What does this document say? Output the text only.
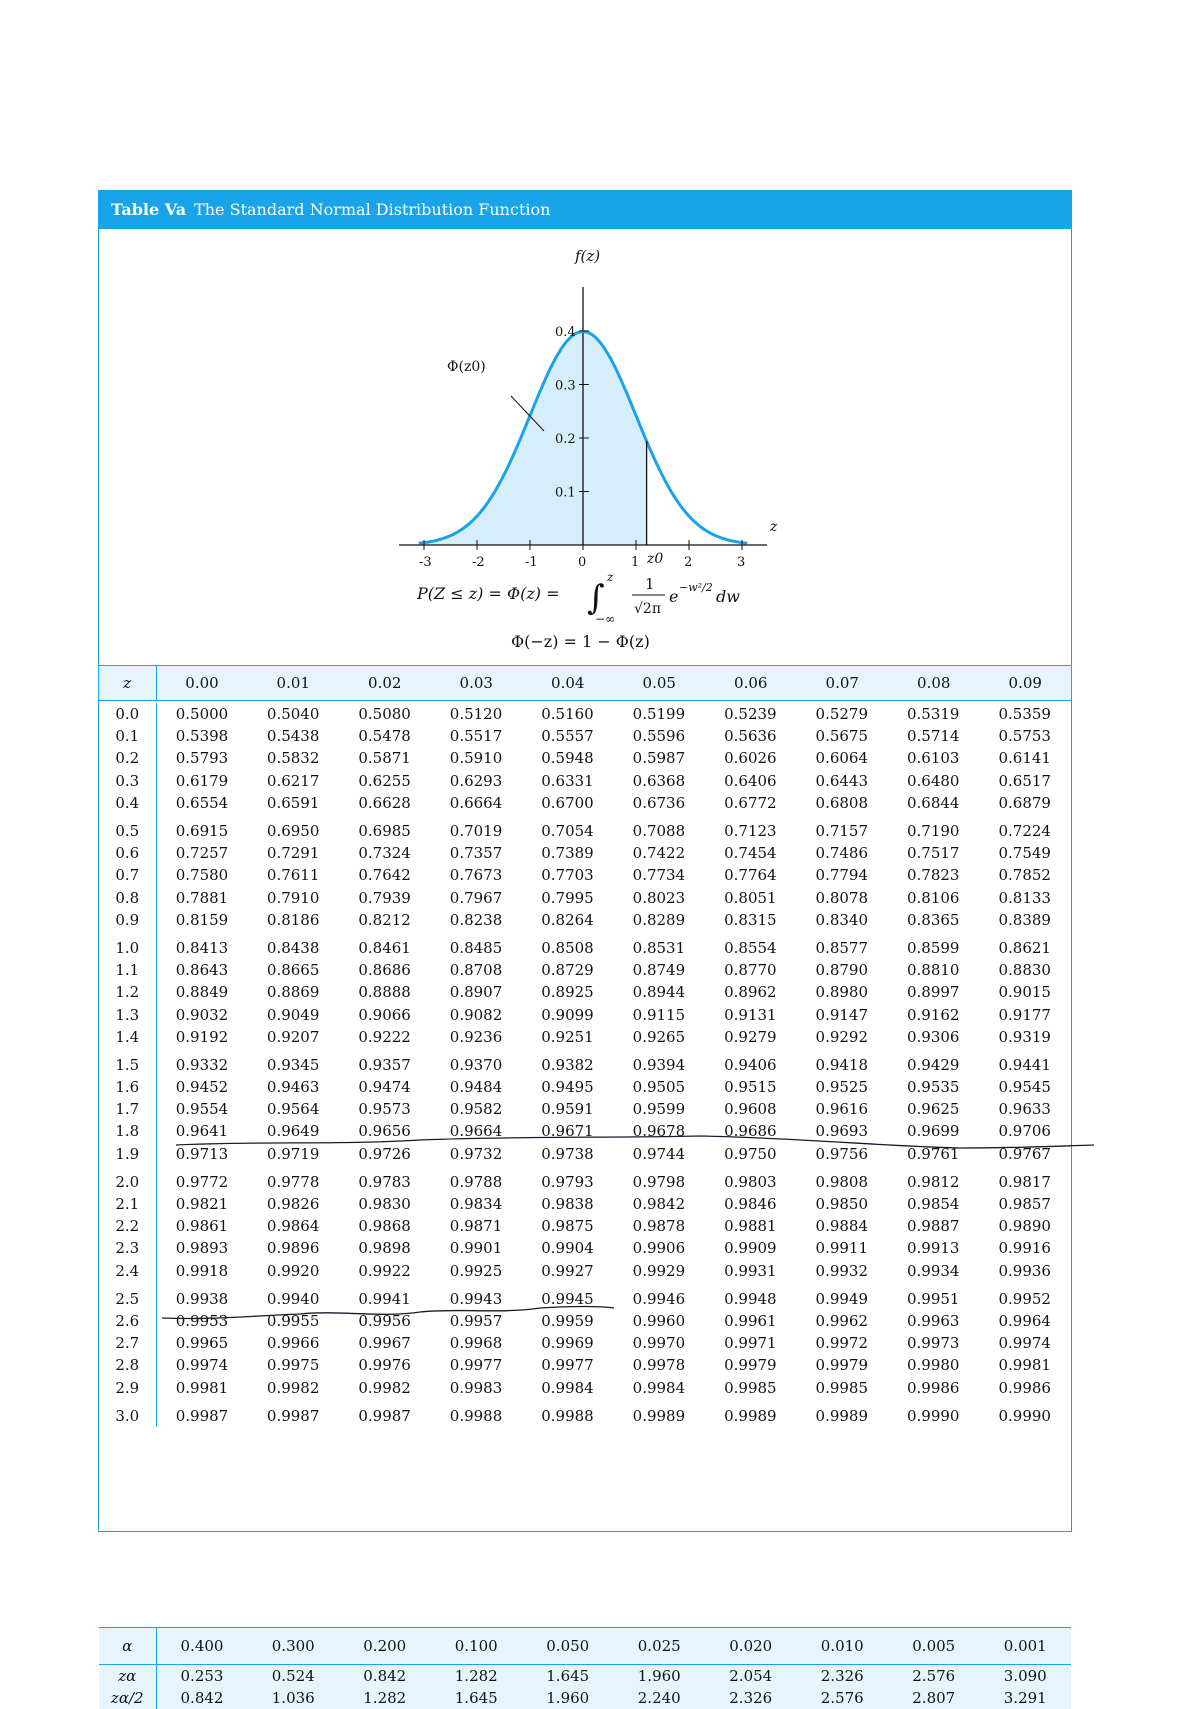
Table Va The Standard Normal Distribution Function
-3	-2	-1	0	1	2	3
0.1
0.2
0.3
0.4
f(z)
z
z0
Φ(z0)
P(Z ≤ z) = Φ(z) = ∫
z
−∞
1
√2π
e −w²/2 dw
Φ(−z) = 1 − Φ(z)
z	0.00	0.01	0.02	0.03	0.04	0.05	0.06	0.07	0.08	0.09
0.0	0.5000	0.5040	0.5080	0.5120	0.5160	0.5199	0.5239	0.5279	0.5319	0.5359
0.1	0.5398	0.5438	0.5478	0.5517	0.5557	0.5596	0.5636	0.5675	0.5714	0.5753
0.2	0.5793	0.5832	0.5871	0.5910	0.5948	0.5987	0.6026	0.6064	0.6103	0.6141
0.3	0.6179	0.6217	0.6255	0.6293	0.6331	0.6368	0.6406	0.6443	0.6480	0.6517
0.4	0.6554	0.6591	0.6628	0.6664	0.6700	0.6736	0.6772	0.6808	0.6844	0.6879

0.5	0.6915	0.6950	0.6985	0.7019	0.7054	0.7088	0.7123	0.7157	0.7190	0.7224
0.6	0.7257	0.7291	0.7324	0.7357	0.7389	0.7422	0.7454	0.7486	0.7517	0.7549
0.7	0.7580	0.7611	0.7642	0.7673	0.7703	0.7734	0.7764	0.7794	0.7823	0.7852
0.8	0.7881	0.7910	0.7939	0.7967	0.7995	0.8023	0.8051	0.8078	0.8106	0.8133
0.9	0.8159	0.8186	0.8212	0.8238	0.8264	0.8289	0.8315	0.8340	0.8365	0.8389

1.0	0.8413	0.8438	0.8461	0.8485	0.8508	0.8531	0.8554	0.8577	0.8599	0.8621
1.1	0.8643	0.8665	0.8686	0.8708	0.8729	0.8749	0.8770	0.8790	0.8810	0.8830
1.2	0.8849	0.8869	0.8888	0.8907	0.8925	0.8944	0.8962	0.8980	0.8997	0.9015
1.3	0.9032	0.9049	0.9066	0.9082	0.9099	0.9115	0.9131	0.9147	0.9162	0.9177
1.4	0.9192	0.9207	0.9222	0.9236	0.9251	0.9265	0.9279	0.9292	0.9306	0.9319

1.5	0.9332	0.9345	0.9357	0.9370	0.9382	0.9394	0.9406	0.9418	0.9429	0.9441
1.6	0.9452	0.9463	0.9474	0.9484	0.9495	0.9505	0.9515	0.9525	0.9535	0.9545
1.7	0.9554	0.9564	0.9573	0.9582	0.9591	0.9599	0.9608	0.9616	0.9625	0.9633
1.8	0.9641	0.9649	0.9656	0.9664	0.9671	0.9678	0.9686	0.9693	0.9699	0.9706
1.9	0.9713	0.9719	0.9726	0.9732	0.9738	0.9744	0.9750	0.9756	0.9761	0.9767

2.0	0.9772	0.9778	0.9783	0.9788	0.9793	0.9798	0.9803	0.9808	0.9812	0.9817
2.1	0.9821	0.9826	0.9830	0.9834	0.9838	0.9842	0.9846	0.9850	0.9854	0.9857
2.2	0.9861	0.9864	0.9868	0.9871	0.9875	0.9878	0.9881	0.9884	0.9887	0.9890
2.3	0.9893	0.9896	0.9898	0.9901	0.9904	0.9906	0.9909	0.9911	0.9913	0.9916
2.4	0.9918	0.9920	0.9922	0.9925	0.9927	0.9929	0.9931	0.9932	0.9934	0.9936

2.5	0.9938	0.9940	0.9941	0.9943	0.9945	0.9946	0.9948	0.9949	0.9951	0.9952
2.6	0.9953	0.9955	0.9956	0.9957	0.9959	0.9960	0.9961	0.9962	0.9963	0.9964
2.7	0.9965	0.9966	0.9967	0.9968	0.9969	0.9970	0.9971	0.9972	0.9973	0.9974
2.8	0.9974	0.9975	0.9976	0.9977	0.9977	0.9978	0.9979	0.9979	0.9980	0.9981
2.9	0.9981	0.9982	0.9982	0.9983	0.9984	0.9984	0.9985	0.9985	0.9986	0.9986

3.0	0.9987	0.9987	0.9987	0.9988	0.9988	0.9989	0.9989	0.9989	0.9990	0.9990
α	0.400	0.300	0.200	0.100	0.050	0.025	0.020	0.010	0.005	0.001
zα	0.253	0.524	0.842	1.282	1.645	1.960	2.054	2.326	2.576	3.090
zα/2	0.842	1.036	1.282	1.645	1.960	2.240	2.326	2.576	2.807	3.291
